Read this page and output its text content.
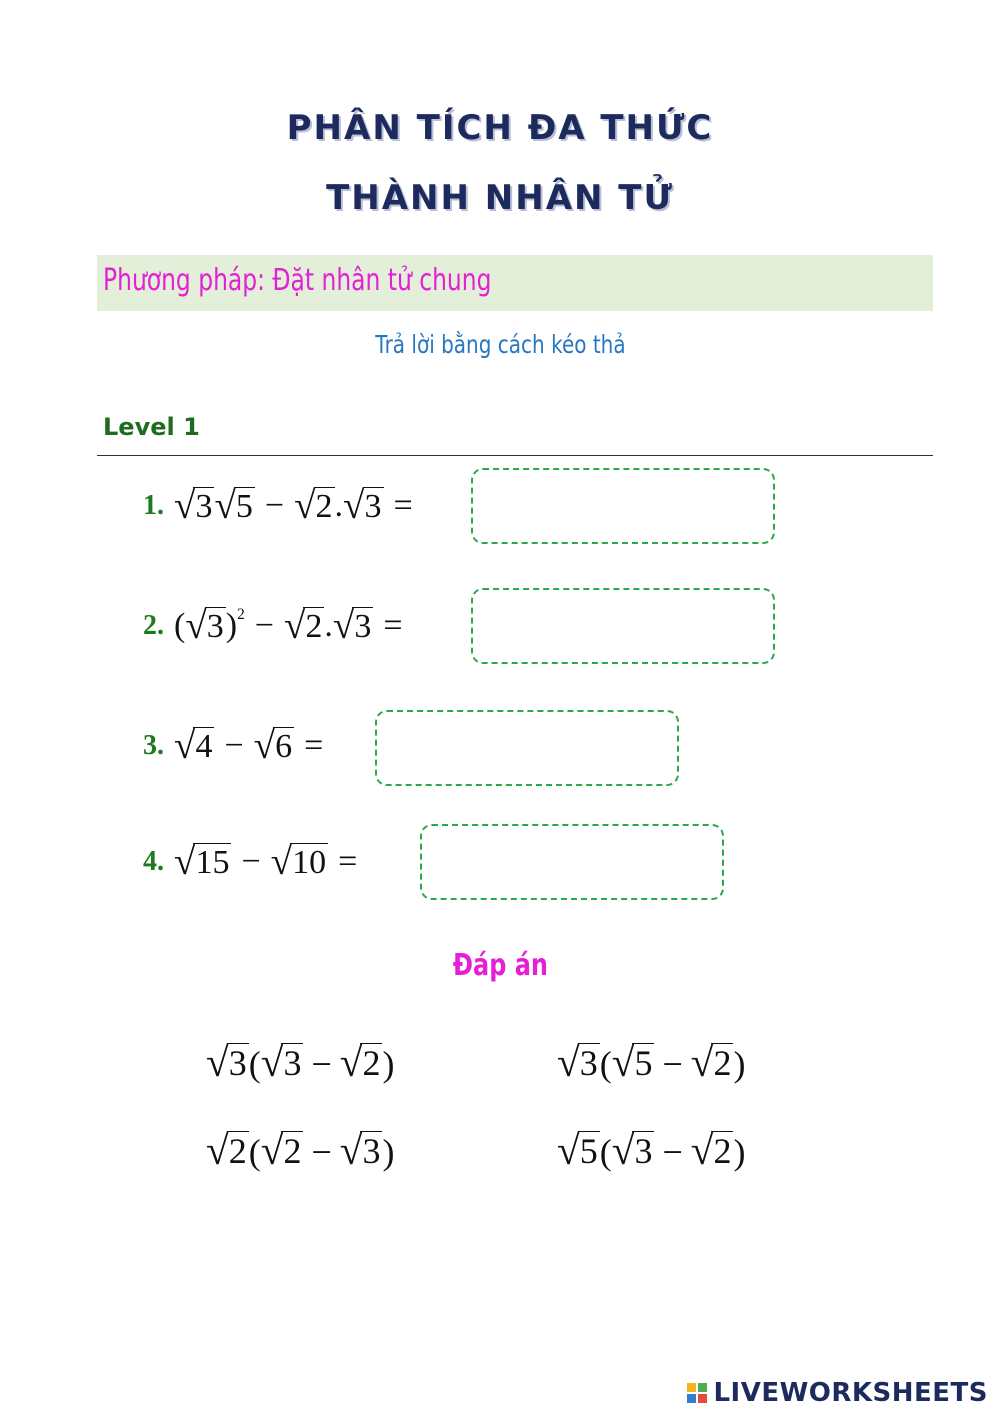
PHÂN TÍCH ĐA THỨC
THÀNH NHÂN TỬ
Phương pháp: Đặt nhân tử chung
Trả lời bằng cách kéo thả
Level 1
1. √ 3 √ 5 − √ 2 . √ 3 =
2. ( √ 3 )$^2$ − √ 2 . √ 3 =
3. √ 4 − √ 6 =
4. √ 15 − √ 10 =
Đáp án
√ 3 ( √ 3 − √ 2 )	√ 3 ( √ 5 − √ 2 )
√ 2 ( √ 2 − √ 3 )	√ 5 ( √ 3 − √ 2 )
LIVEWORKSHEETS
